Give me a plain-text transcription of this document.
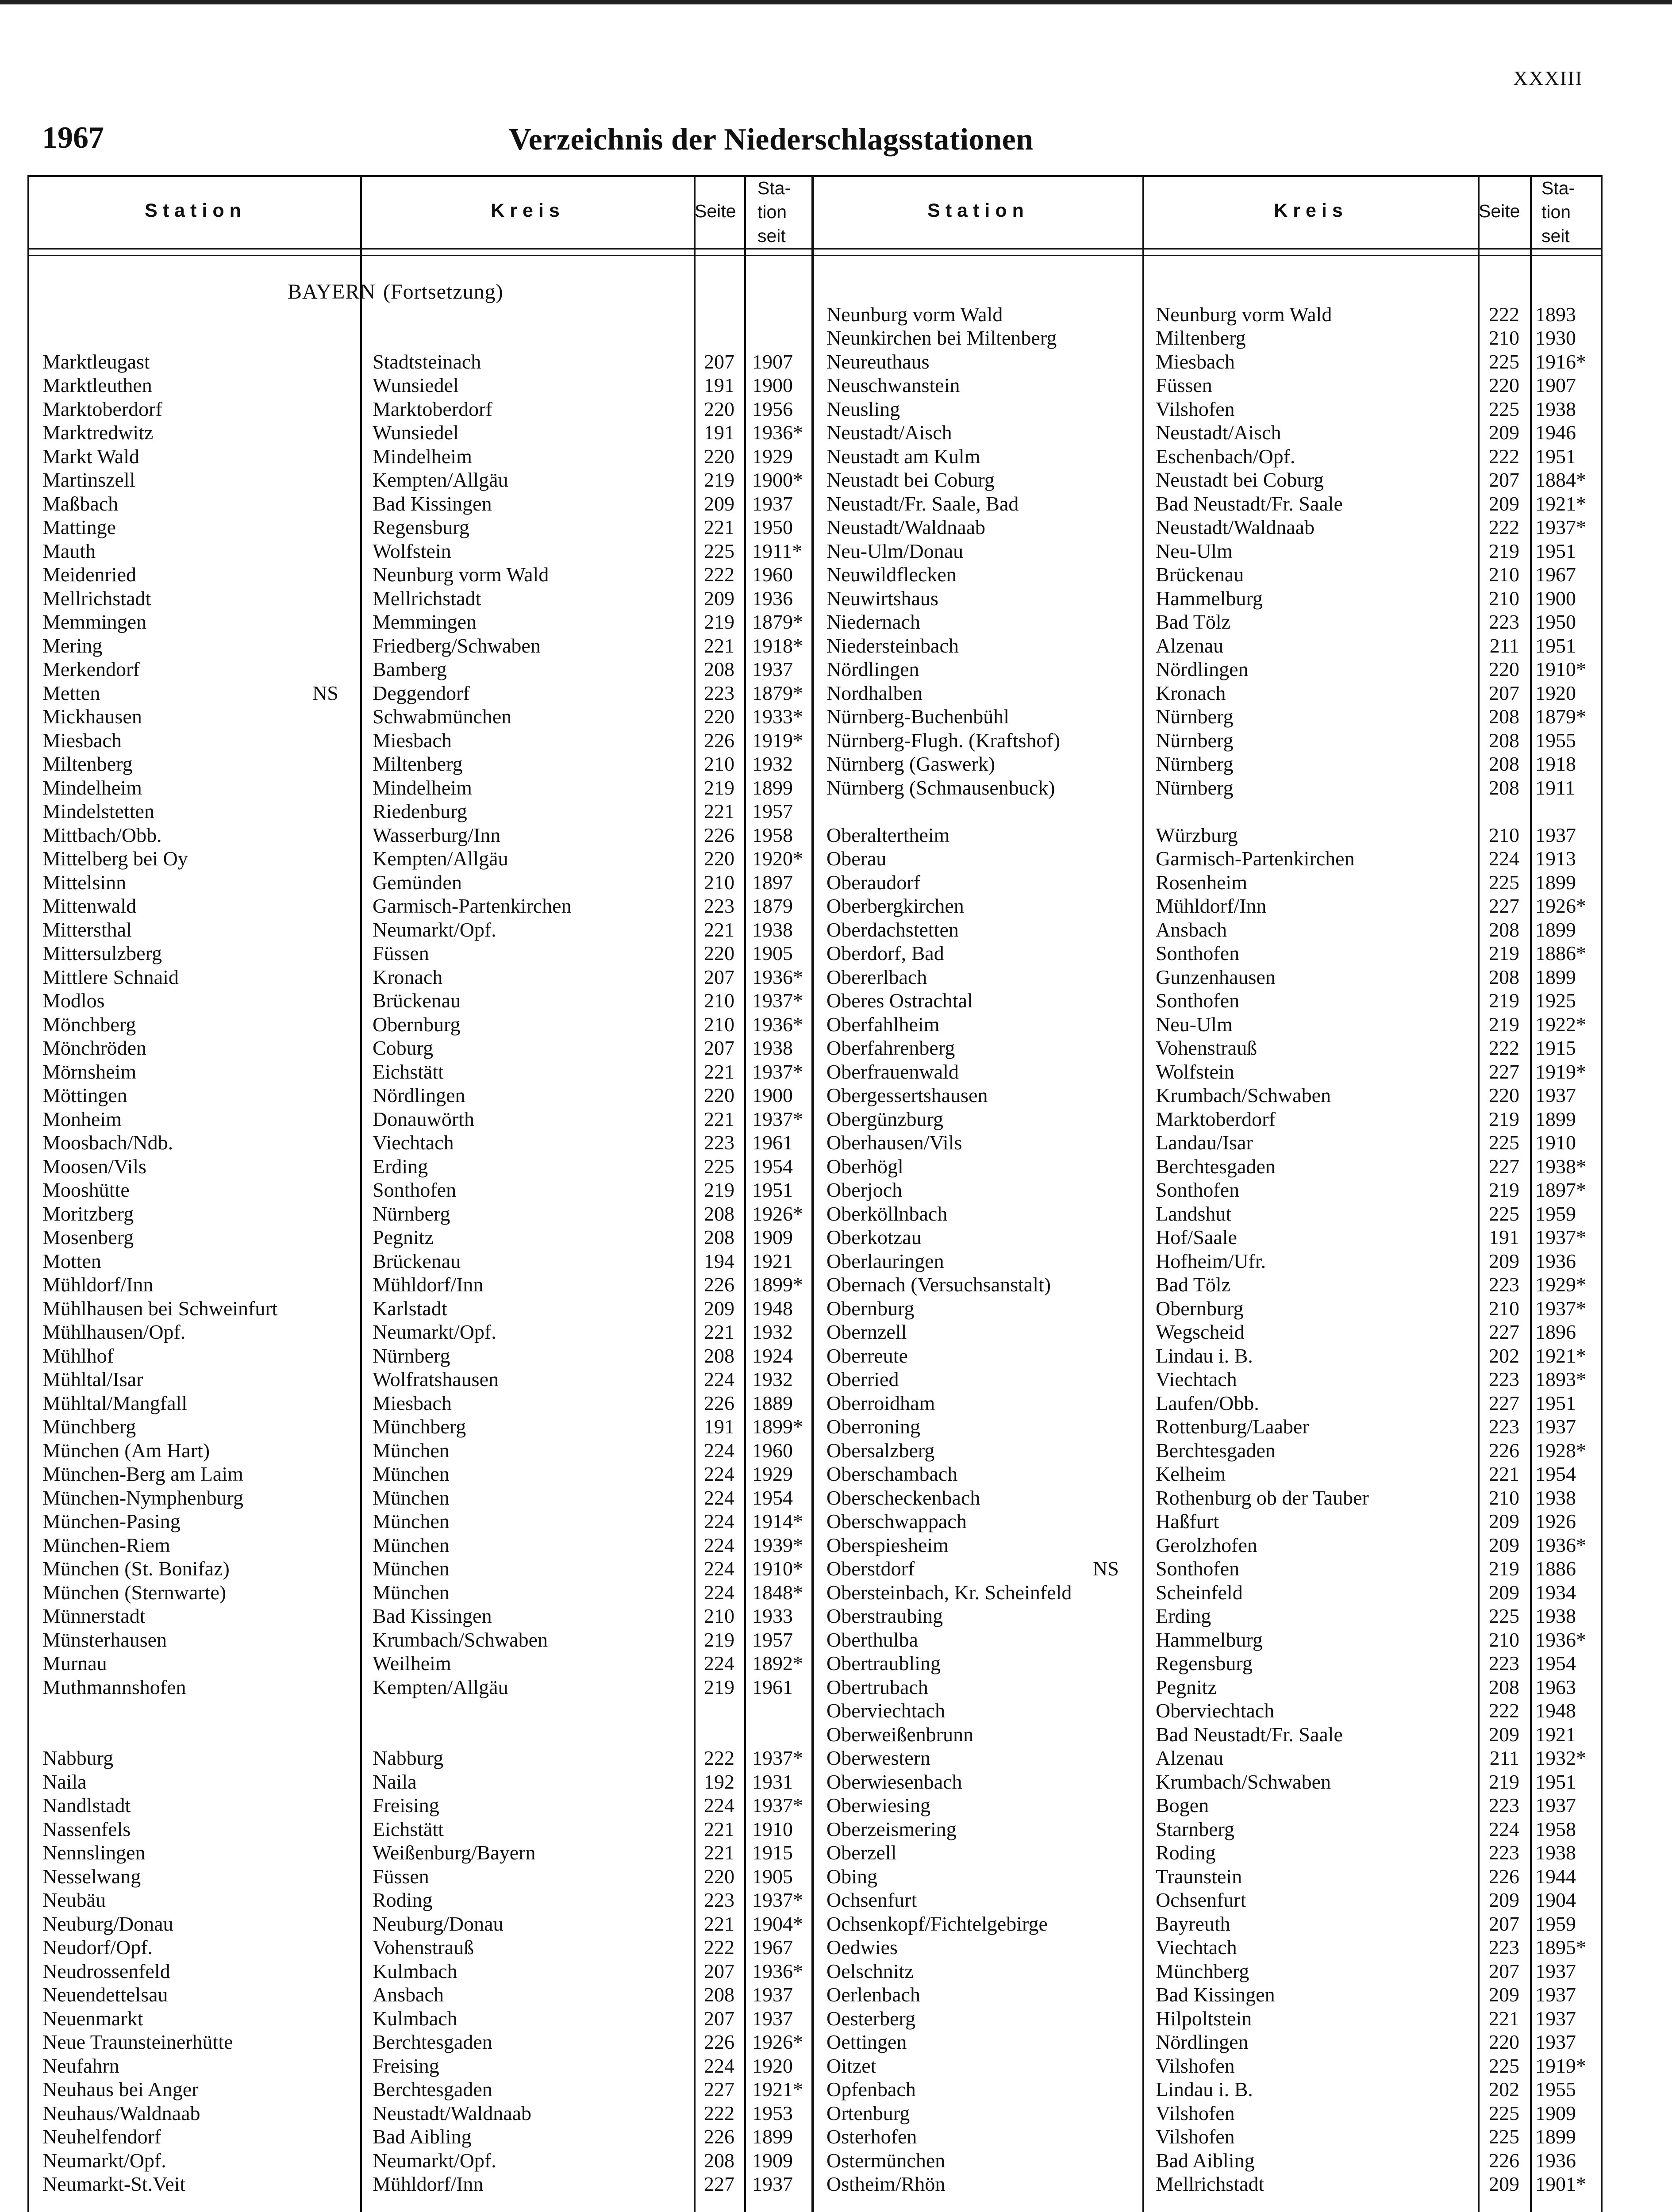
XXXIII
1967	Verzeichnis der Niederschlagsstationen
Station	Kreis	Seite
Sta-
tion
seit
Station	Kreis	Seite
Sta-
tion
seit
BAYERN (Fortsetzung)
Marktleugast	Stadtsteinach	207 1907
Marktleuthen	Wunsiedel	191 1900
Marktoberdorf	Marktoberdorf	220 1956
Marktredwitz	Wunsiedel	191 1936*
Markt Wald	Mindelheim	220 1929
Martinszell	Kempten/Allgäu	219 1900*
Maßbach	Bad Kissingen	209 1937
Mattinge	Regensburg	221 1950
Mauth	Wolfstein	225 1911*
Meidenried	Neunburg vorm Wald	222 1960
Mellrichstadt	Mellrichstadt	209 1936
Memmingen	Memmingen	219 1879*
Mering	Friedberg/Schwaben	221 1918*
Merkendorf	Bamberg	208 1937
Metten	NS Deggendorf	223 1879*
Mickhausen	Schwabmünchen	220 1933*
Miesbach	Miesbach	226 1919*
Miltenberg	Miltenberg	210 1932
Mindelheim	Mindelheim	219 1899
Mindelstetten	Riedenburg	221 1957
Mittbach/Obb.	Wasserburg/Inn	226 1958
Mittelberg bei Oy	Kempten/Allgäu	220 1920*
Mittelsinn	Gemünden	210 1897
Mittenwald	Garmisch-Partenkirchen	223 1879
Mittersthal	Neumarkt/Opf.	221 1938
Mittersulzberg	Füssen	220 1905
Mittlere Schnaid	Kronach	207 1936*
Modlos	Brückenau	210 1937*
Mönchberg	Obernburg	210 1936*
Mönchröden	Coburg	207 1938
Mörnsheim	Eichstätt	221 1937*
Möttingen	Nördlingen	220 1900
Monheim	Donauwörth	221 1937*
Moosbach/Ndb.	Viechtach	223 1961
Moosen/Vils	Erding	225 1954
Mooshütte	Sonthofen	219 1951
Moritzberg	Nürnberg	208 1926*
Mosenberg	Pegnitz	208 1909
Motten	Brückenau	194 1921
Mühldorf/Inn	Mühldorf/Inn	226 1899*
Mühlhausen bei Schweinfurt	Karlstadt	209 1948
Mühlhausen/Opf.	Neumarkt/Opf.	221 1932
Mühlhof	Nürnberg	208 1924
Mühltal/Isar	Wolfratshausen	224 1932
Mühltal/Mangfall	Miesbach	226 1889
Münchberg	Münchberg	191 1899*
München (Am Hart)	München	224 1960
München-Berg am Laim	München	224 1929
München-Nymphenburg	München	224 1954
München-Pasing	München	224 1914*
München-Riem	München	224 1939*
München (St. Bonifaz)	München	224 1910*
München (Sternwarte)	München	224 1848*
Münnerstadt	Bad Kissingen	210 1933
Münsterhausen	Krumbach/Schwaben	219 1957
Murnau	Weilheim	224 1892*
Muthmannshofen	Kempten/Allgäu	219 1961
Nabburg	Nabburg	222 1937*
Naila	Naila	192 1931
Nandlstadt	Freising	224 1937*
Nassenfels	Eichstätt	221 1910
Nennslingen	Weißenburg/Bayern	221 1915
Nesselwang	Füssen	220 1905
Neubäu	Roding	223 1937*
Neuburg/Donau	Neuburg/Donau	221 1904*
Neudorf/Opf.	Vohenstrauß	222 1967
Neudrossenfeld	Kulmbach	207 1936*
Neuendettelsau	Ansbach	208 1937
Neuenmarkt	Kulmbach	207 1937
Neue Traunsteinerhütte	Berchtesgaden	226 1926*
Neufahrn	Freising	224 1920
Neuhaus bei Anger	Berchtesgaden	227 1921*
Neuhaus/Waldnaab	Neustadt/Waldnaab	222 1953
Neuhelfendorf	Bad Aibling	226 1899
Neumarkt/Opf.	Neumarkt/Opf.	208 1909
Neumarkt-St.Veit	Mühldorf/Inn	227 1937
Neunburg vorm Wald	Neunburg vorm Wald	222 1893
Neunkirchen bei Miltenberg	Miltenberg	210 1930
Neureuthaus	Miesbach	225 1916*
Neuschwanstein	Füssen	220 1907
Neusling	Vilshofen	225 1938
Neustadt/Aisch	Neustadt/Aisch	209 1946
Neustadt am Kulm	Eschenbach/Opf.	222 1951
Neustadt bei Coburg	Neustadt bei Coburg	207 1884*
Neustadt/Fr. Saale, Bad	Bad Neustadt/Fr. Saale	209 1921*
Neustadt/Waldnaab	Neustadt/Waldnaab	222 1937*
Neu-Ulm/Donau	Neu-Ulm	219 1951
Neuwildflecken	Brückenau	210 1967
Neuwirtshaus	Hammelburg	210 1900
Niedernach	Bad Tölz	223 1950
Niedersteinbach	Alzenau	211 1951
Nördlingen	Nördlingen	220 1910*
Nordhalben	Kronach	207 1920
Nürnberg-Buchenbühl	Nürnberg	208 1879*
Nürnberg-Flugh. (Kraftshof)	Nürnberg	208 1955
Nürnberg (Gaswerk)	Nürnberg	208 1918
Nürnberg (Schmausenbuck)	Nürnberg	208 1911
Oberaltertheim	Würzburg	210 1937
Oberau	Garmisch-Partenkirchen	224 1913
Oberaudorf	Rosenheim	225 1899
Oberbergkirchen	Mühldorf/Inn	227 1926*
Oberdachstetten	Ansbach	208 1899
Oberdorf, Bad	Sonthofen	219 1886*
Obererlbach	Gunzenhausen	208 1899
Oberes Ostrachtal	Sonthofen	219 1925
Oberfahlheim	Neu-Ulm	219 1922*
Oberfahrenberg	Vohenstrauß	222 1915
Oberfrauenwald	Wolfstein	227 1919*
Obergessertshausen	Krumbach/Schwaben	220 1937
Obergünzburg	Marktoberdorf	219 1899
Oberhausen/Vils	Landau/Isar	225 1910
Oberhögl	Berchtesgaden	227 1938*
Oberjoch	Sonthofen	219 1897*
Oberköllnbach	Landshut	225 1959
Oberkotzau	Hof/Saale	191 1937*
Oberlauringen	Hofheim/Ufr.	209 1936
Obernach (Versuchsanstalt)	Bad Tölz	223 1929*
Obernburg	Obernburg	210 1937*
Obernzell	Wegscheid	227 1896
Oberreute	Lindau i. B.	202 1921*
Oberried	Viechtach	223 1893*
Oberroidham	Laufen/Obb.	227 1951
Oberroning	Rottenburg/Laaber	223 1937
Obersalzberg	Berchtesgaden	226 1928*
Oberschambach	Kelheim	221 1954
Oberscheckenbach	Rothenburg ob der Tauber	210 1938
Oberschwappach	Haßfurt	209 1926
Oberspiesheim	Gerolzhofen	209 1936*
Oberstdorf	NS Sonthofen	219 1886
Obersteinbach, Kr. Scheinfeld	Scheinfeld	209 1934
Oberstraubing	Erding	225 1938
Oberthulba	Hammelburg	210 1936*
Obertraubling	Regensburg	223 1954
Obertrubach	Pegnitz	208 1963
Oberviechtach	Oberviechtach	222 1948
Oberweißenbrunn	Bad Neustadt/Fr. Saale	209 1921
Oberwestern	Alzenau	211 1932*
Oberwiesenbach	Krumbach/Schwaben	219 1951
Oberwiesing	Bogen	223 1937
Oberzeismering	Starnberg	224 1958
Oberzell	Roding	223 1938
Obing	Traunstein	226 1944
Ochsenfurt	Ochsenfurt	209 1904
Ochsenkopf/Fichtelgebirge	Bayreuth	207 1959
Oedwies	Viechtach	223 1895*
Oelschnitz	Münchberg	207 1937
Oerlenbach	Bad Kissingen	209 1937
Oesterberg	Hilpoltstein	221 1937
Oettingen	Nördlingen	220 1937
Oitzet	Vilshofen	225 1919*
Opfenbach	Lindau i. B.	202 1955
Ortenburg	Vilshofen	225 1909
Osterhofen	Vilshofen	225 1899
Ostermünchen	Bad Aibling	226 1936
Ostheim/Rhön	Mellrichstadt	209 1901*
